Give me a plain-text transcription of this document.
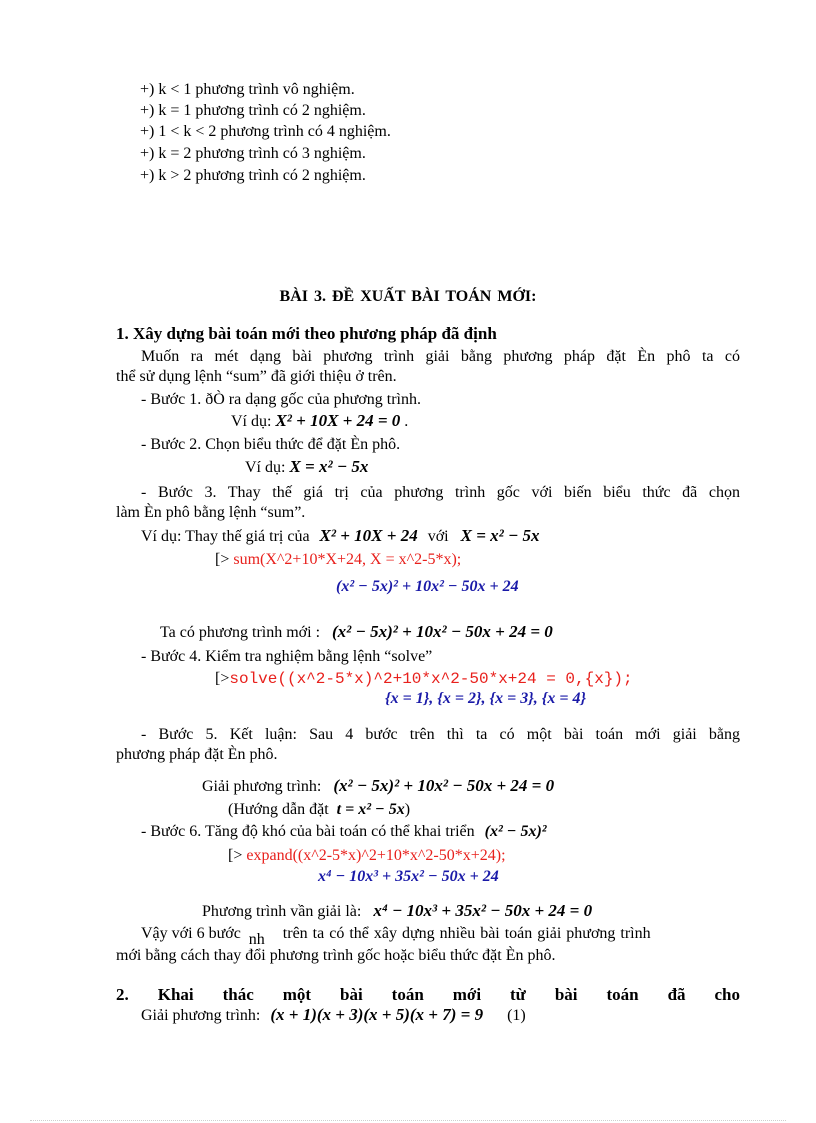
+) k < 1 phương trình vô nghiệm.
+) k = 1 phương trình có 2 nghiệm.
+) 1 < k < 2 phương trình có 4 nghiệm.
+) k = 2 phương trình có 3 nghiệm.
+) k > 2 phương trình có 2 nghiệm.
BÀI 3. ĐỀ XUẤT BÀI TOÁN MỚI:
1. Xây dựng bài toán mới theo phương pháp đã định
Muốn ra mét dạng bài phương trình giải bằng phương pháp đặt Èn phô ta có
thể sử dụng lệnh “sum” đã giới thiệu ở trên.
- Bước 1. ðÒ ra dạng gốc của phương trình.
Ví dụ: X² + 10X + 24 = 0 .
- Bước 2. Chọn biểu thức để đặt Èn phô.
Ví dụ: X = x² − 5x
- Bước 3. Thay thế giá trị của phương trình gốc với biến biểu thức đã chọn
làm Èn phô bằng lệnh “sum”.
Ví dụ: Thay thế giá trị của X² + 10X + 24 với X = x² − 5x
[> sum(X^2+10*X+24, X = x^2-5*x);
(x² − 5x)² + 10x² − 50x + 24
Ta có phương trình mới : (x² − 5x)² + 10x² − 50x + 24 = 0
- Bước 4. Kiểm tra nghiệm bằng lệnh “solve”
[>solve((x^2-5*x)^2+10*x^2-50*x+24 = 0,{x});
{x = 1}, {x = 2}, {x = 3}, {x = 4}
- Bước 5. Kết luận: Sau 4 bước trên thì ta có một bài toán mới giải bằng
phương pháp đặt Èn phô.
Giải phương trình: (x² − 5x)² + 10x² − 50x + 24 = 0
(Hướng dẫn đặt t = x² − 5x)
- Bước 6. Tăng độ khó của bài toán có thể khai triển (x² − 5x)²
[> expand((x^2-5*x)^2+10*x^2-50*x+24);
x⁴ − 10x³ + 35x² − 50x + 24
Phương trình vần giải là: x⁴ − 10x³ + 35x² − 50x + 24 = 0
Vậy với 6 bước nh trên ta có thể xây dựng nhiều bài toán giải phương trình
mới bằng cách thay đổi phương trình gốc hoặc biểu thức đặt Èn phô.
2. Khai thác một bài toán mới từ bài toán đã cho
Giải phương trình: (x + 1)(x + 3)(x + 5)(x + 7) = 9 (1)
